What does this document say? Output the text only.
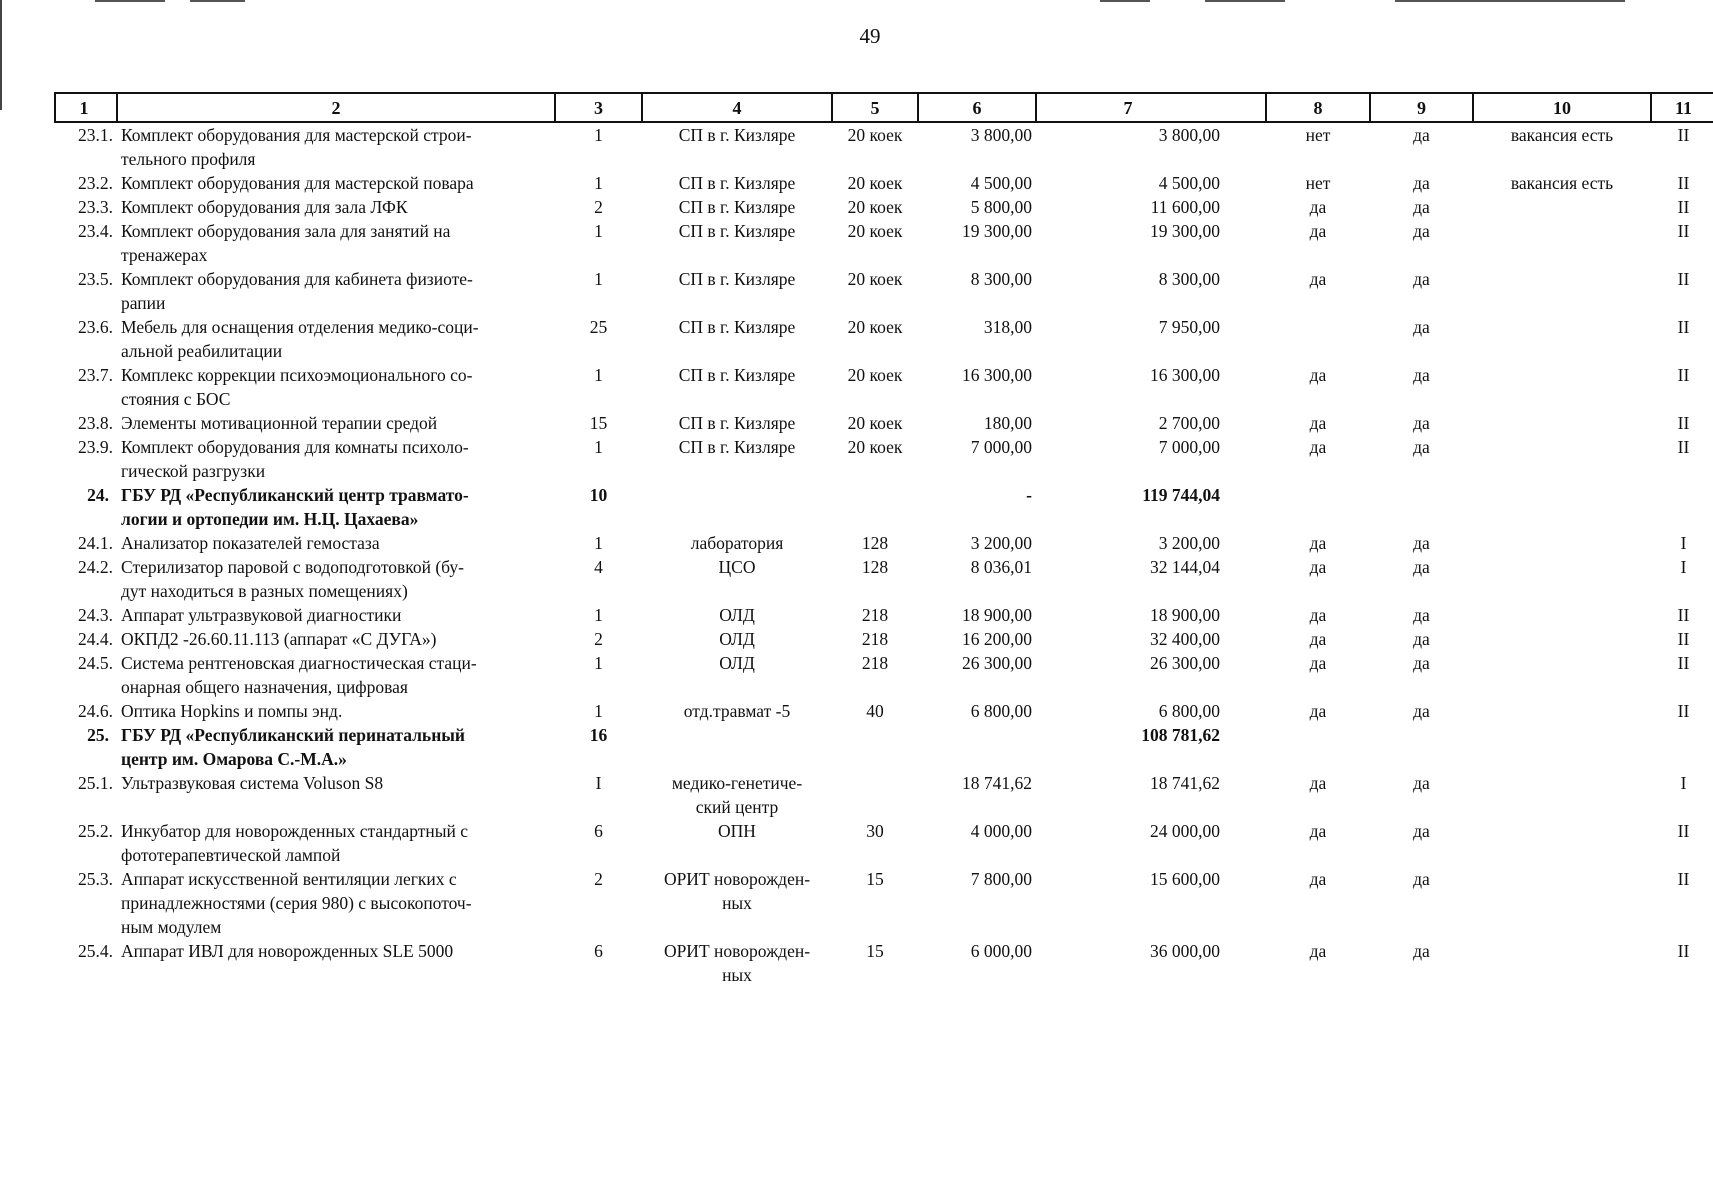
49
1	2	3	4	5	6	7	8	9	10	11
23.1.	Комплект оборудования для мастерской строи-
тельного профиля	1	СП в г. Кизляре	20 коек	3 800,00	3 800,00	нет	да	вакансия есть	II
23.2.	Комплект оборудования для мастерской повара	1	СП в г. Кизляре	20 коек	4 500,00	4 500,00	нет	да	вакансия есть	II
23.3.	Комплект оборудования для зала ЛФК	2	СП в г. Кизляре	20 коек	5 800,00	11 600,00	да	да		II
23.4.	Комплект оборудования зала для занятий на
тренажерах	1	СП в г. Кизляре	20 коек	19 300,00	19 300,00	да	да		II
23.5.	Комплект оборудования для кабинета физиоте-
рапии	1	СП в г. Кизляре	20 коек	8 300,00	8 300,00	да	да		II
23.6.	Мебель для оснащения отделения медико-соци-
альной реабилитации	25	СП в г. Кизляре	20 коек	318,00	7 950,00		да		II
23.7.	Комплекс коррекции психоэмоционального со-
стояния с БОС	1	СП в г. Кизляре	20 коек	16 300,00	16 300,00	да	да		II
23.8.	Элементы мотивационной терапии средой	15	СП в г. Кизляре	20 коек	180,00	2 700,00	да	да		II
23.9.	Комплект оборудования для комнаты психоло-
гической разгрузки	1	СП в г. Кизляре	20 коек	7 000,00	7 000,00	да	да		II
24.	ГБУ РД «Республиканский центр травмато-
логии и ортопедии им. Н.Ц. Цахаева»	10			-	119 744,04				
24.1.	Анализатор показателей гемостаза	1	лаборатория	128	3 200,00	3 200,00	да	да		I
24.2.	Стерилизатор паровой с водоподготовкой (бу-
дут находиться в разных помещениях)	4	ЦСО	128	8 036,01	32 144,04	да	да		I
24.3.	Аппарат ультразвуковой диагностики	1	ОЛД	218	18 900,00	18 900,00	да	да		II
24.4.	ОКПД2 -26.60.11.113 (аппарат «С ДУГА»)	2	ОЛД	218	16 200,00	32 400,00	да	да		II
24.5.	Система рентгеновская диагностическая стаци-
онарная общего назначения, цифровая	1	ОЛД	218	26 300,00	26 300,00	да	да		II
24.6.	Оптика Hopkins и помпы энд.	1	отд.травмат -5	40	6 800,00	6 800,00	да	да		II
25.	ГБУ РД «Республиканский перинатальный
центр им. Омарова С.-М.А.»	16				108 781,62				
25.1.	Ультразвуковая система Voluson S8	I	медико-генетиче-
ский центр		18 741,62	18 741,62	да	да		I
25.2.	Инкубатор для новорожденных стандартный с
фототерапевтической лампой	6	ОПН	30	4 000,00	24 000,00	да	да		II
25.3.	Аппарат искусственной вентиляции легких с
принадлежностями (серия 980) с высокопоточ-
ным модулем	2	ОРИТ новорожден-
ных	15	7 800,00	15 600,00	да	да		II
25.4.	Аппарат ИВЛ для новорожденных SLE 5000	6	ОРИТ новорожден-
ных	15	6 000,00	36 000,00	да	да		II
